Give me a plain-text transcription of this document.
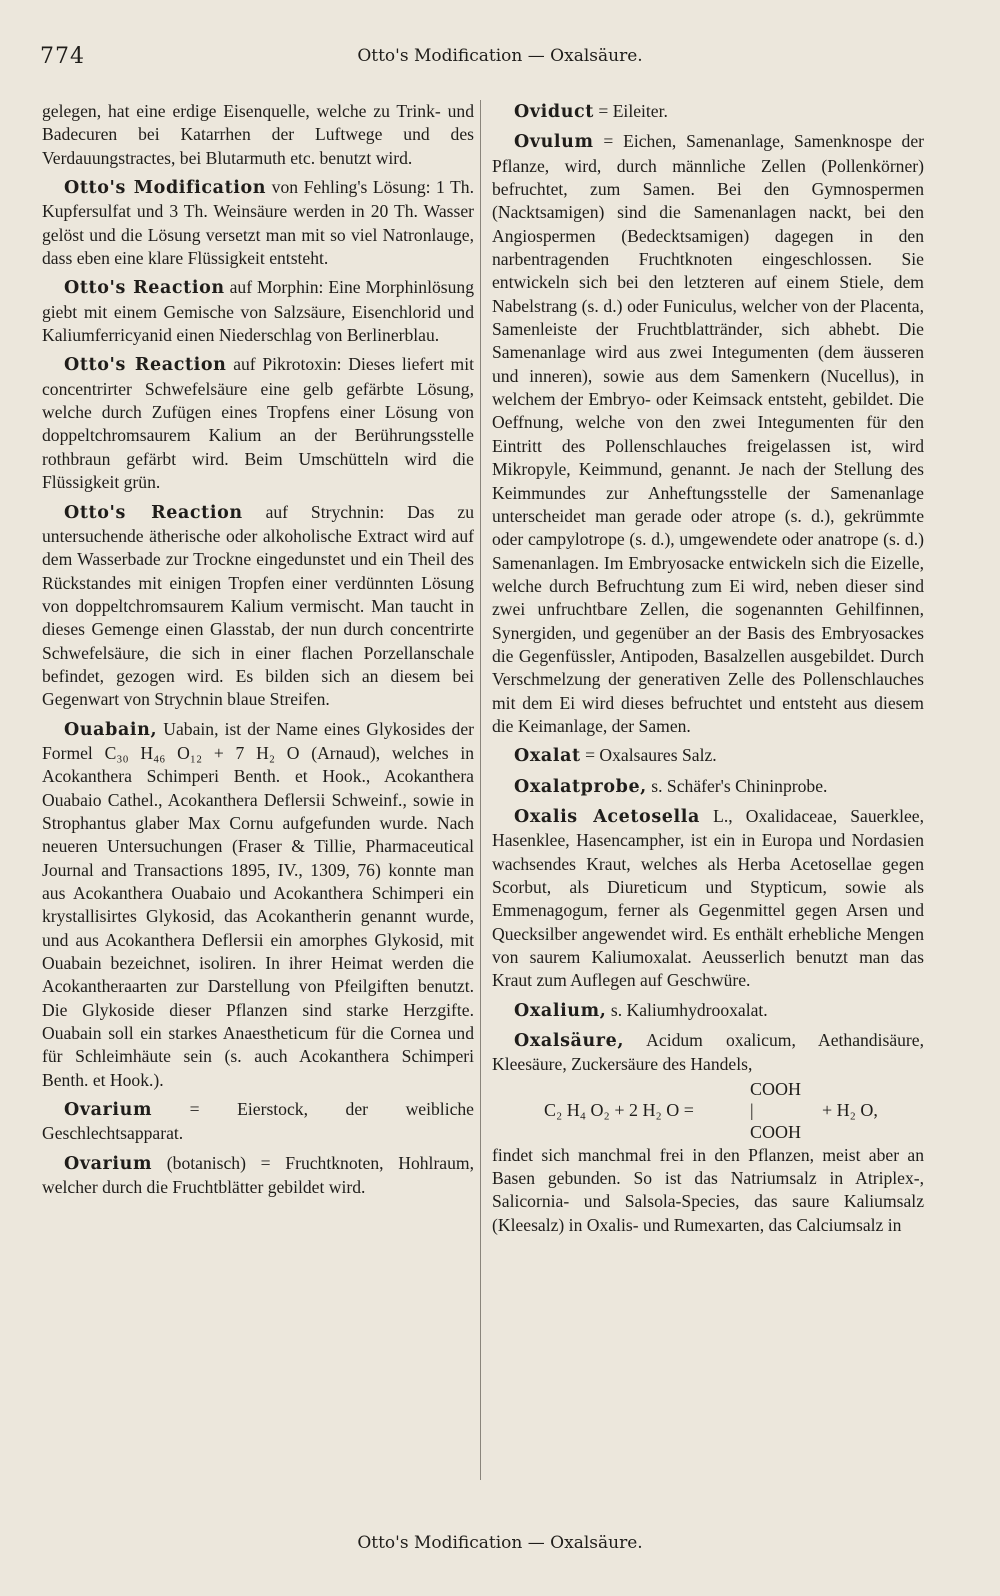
774	Otto's Modification — Oxalsäure.

gelegen, hat eine erdige Eisenquelle, welche zu Trink- und Badecuren bei Katarrhen der Luftwege und des Verdauungstractes, bei Blutarmuth etc. benutzt wird.

Otto's Modification von Fehling's Lösung: 1 Th. Kupfersulfat und 3 Th. Weinsäure werden in 20 Th. Wasser gelöst und die Lösung versetzt man mit so viel Natronlauge, dass eben eine klare Flüssigkeit entsteht.

Otto's Reaction auf Morphin: Eine Morphinlösung giebt mit einem Gemische von Salzsäure, Eisenchlorid und Kaliumferricyanid einen Niederschlag von Berlinerblau.

Otto's Reaction auf Pikrotoxin: Dieses liefert mit concentrirter Schwefelsäure eine gelb gefärbte Lösung, welche durch Zufügen eines Tropfens einer Lösung von doppeltchromsaurem Kalium an der Berührungsstelle rothbraun gefärbt wird. Beim Umschütteln wird die Flüssigkeit grün.

Otto's Reaction auf Strychnin: Das zu untersuchende ätherische oder alkoholische Extract wird auf dem Wasserbade zur Trockne eingedunstet und ein Theil des Rückstandes mit einigen Tropfen einer verdünnten Lösung von doppeltchromsaurem Kalium vermischt. Man taucht in dieses Gemenge einen Glasstab, der nun durch concentrirte Schwefelsäure, die sich in einer flachen Porzellanschale befindet, gezogen wird. Es bilden sich an diesem bei Gegenwart von Strychnin blaue Streifen.

Ouabain, Uabain, ist der Name eines Glykosides der Formel C₃₀ H₄₆ O₁₂ + 7 H₂ O (Arnaud), welches in Acokanthera Schimperi Benth. et Hook., Acokanthera Ouabaio Cathel., Acokanthera Deflersii Schweinf., sowie in Strophantus glaber Max Cornu aufgefunden wurde. Nach neueren Untersuchungen (Fraser & Tillie, Pharmaceutical Journal and Transactions 1895, IV., 1309, 76) konnte man aus Acokanthera Ouabaio und Acokanthera Schimperi ein krystallisirtes Glykosid, das Acokantherin genannt wurde, und aus Acokanthera Deflersii ein amorphes Glykosid, mit Ouabain bezeichnet, isoliren. In ihrer Heimat werden die Acokantheraarten zur Darstellung von Pfeilgiften benutzt. Die Glykoside dieser Pflanzen sind starke Herzgifte. Ouabain soll ein starkes Anaestheticum für die Cornea und für Schleimhäute sein (s. auch Acokanthera Schimperi Benth. et Hook.).

Ovarium = Eierstock, der weibliche Geschlechtsapparat.

Ovarium (botanisch) = Fruchtknoten, Hohlraum, welcher durch die Fruchtblätter gebildet wird.

Oviduct = Eileiter.

Ovulum = Eichen, Samenanlage, Samenknospe der Pflanze, wird, durch männliche Zellen (Pollenkörner) befruchtet, zum Samen. Bei den Gymnospermen (Nacktsamigen) sind die Samenanlagen nackt, bei den Angiospermen (Bedecktsamigen) dagegen in den narbentragenden Fruchtknoten eingeschlossen. Sie entwickeln sich bei den letzteren auf einem Stiele, dem Nabelstrang (s. d.) oder Funiculus, welcher von der Placenta, Samenleiste der Fruchtblattränder, sich abhebt. Die Samenanlage wird aus zwei Integumenten (dem äusseren und inneren), sowie aus dem Samenkern (Nucellus), in welchem der Embryo- oder Keimsack entsteht, gebildet. Die Oeffnung, welche von den zwei Integumenten für den Eintritt des Pollenschlauches freigelassen ist, wird Mikropyle, Keimmund, genannt. Je nach der Stellung des Keimmundes zur Anheftungsstelle der Samenanlage unterscheidet man gerade oder atrope (s. d.), gekrümmte oder campylotrope (s. d.), umgewendete oder anatrope (s. d.) Samenanlagen. Im Embryosacke entwickeln sich die Eizelle, welche durch Befruchtung zum Ei wird, neben dieser sind zwei unfruchtbare Zellen, die sogenannten Gehilfinnen, Synergiden, und gegenüber an der Basis des Embryosackes die Gegenfüssler, Antipoden, Basalzellen ausgebildet. Durch Verschmelzung der generativen Zelle des Pollenschlauches mit dem Ei wird dieses befruchtet und entsteht aus diesem die Keimanlage, der Samen.

Oxalat = Oxalsaures Salz.

Oxalatprobe, s. Schäfer's Chininprobe.

Oxalis Acetosella L., Oxalidaceae, Sauerklee, Hasenklee, Hasencampher, ist ein in Europa und Nordasien wachsendes Kraut, welches als Herba Acetosellae gegen Scorbut, als Diureticum und Stypticum, sowie als Emmenagogum, ferner als Gegenmittel gegen Arsen und Quecksilber angewendet wird. Es enthält erhebliche Mengen von saurem Kaliumoxalat. Aeusserlich benutzt man das Kraut zum Auflegen auf Geschwüre.

Oxalium, s. Kaliumhydrooxalat.

Oxalsäure, Acidum oxalicum, Aethandisäure, Kleesäure, Zuckersäure des Handels,

COOH
C₂ H₄ O₂ + 2 H₂ O =	|	+ H₂ O,
COOH

findet sich manchmal frei in den Pflanzen, meist aber an Basen gebunden. So ist das Natriumsalz in Atriplex-, Salicornia- und Salsola-Species, das saure Kaliumsalz (Kleesalz) in Oxalis- und Rumexarten, das Calciumsalz in

Otto's Modification — Oxalsäure.
